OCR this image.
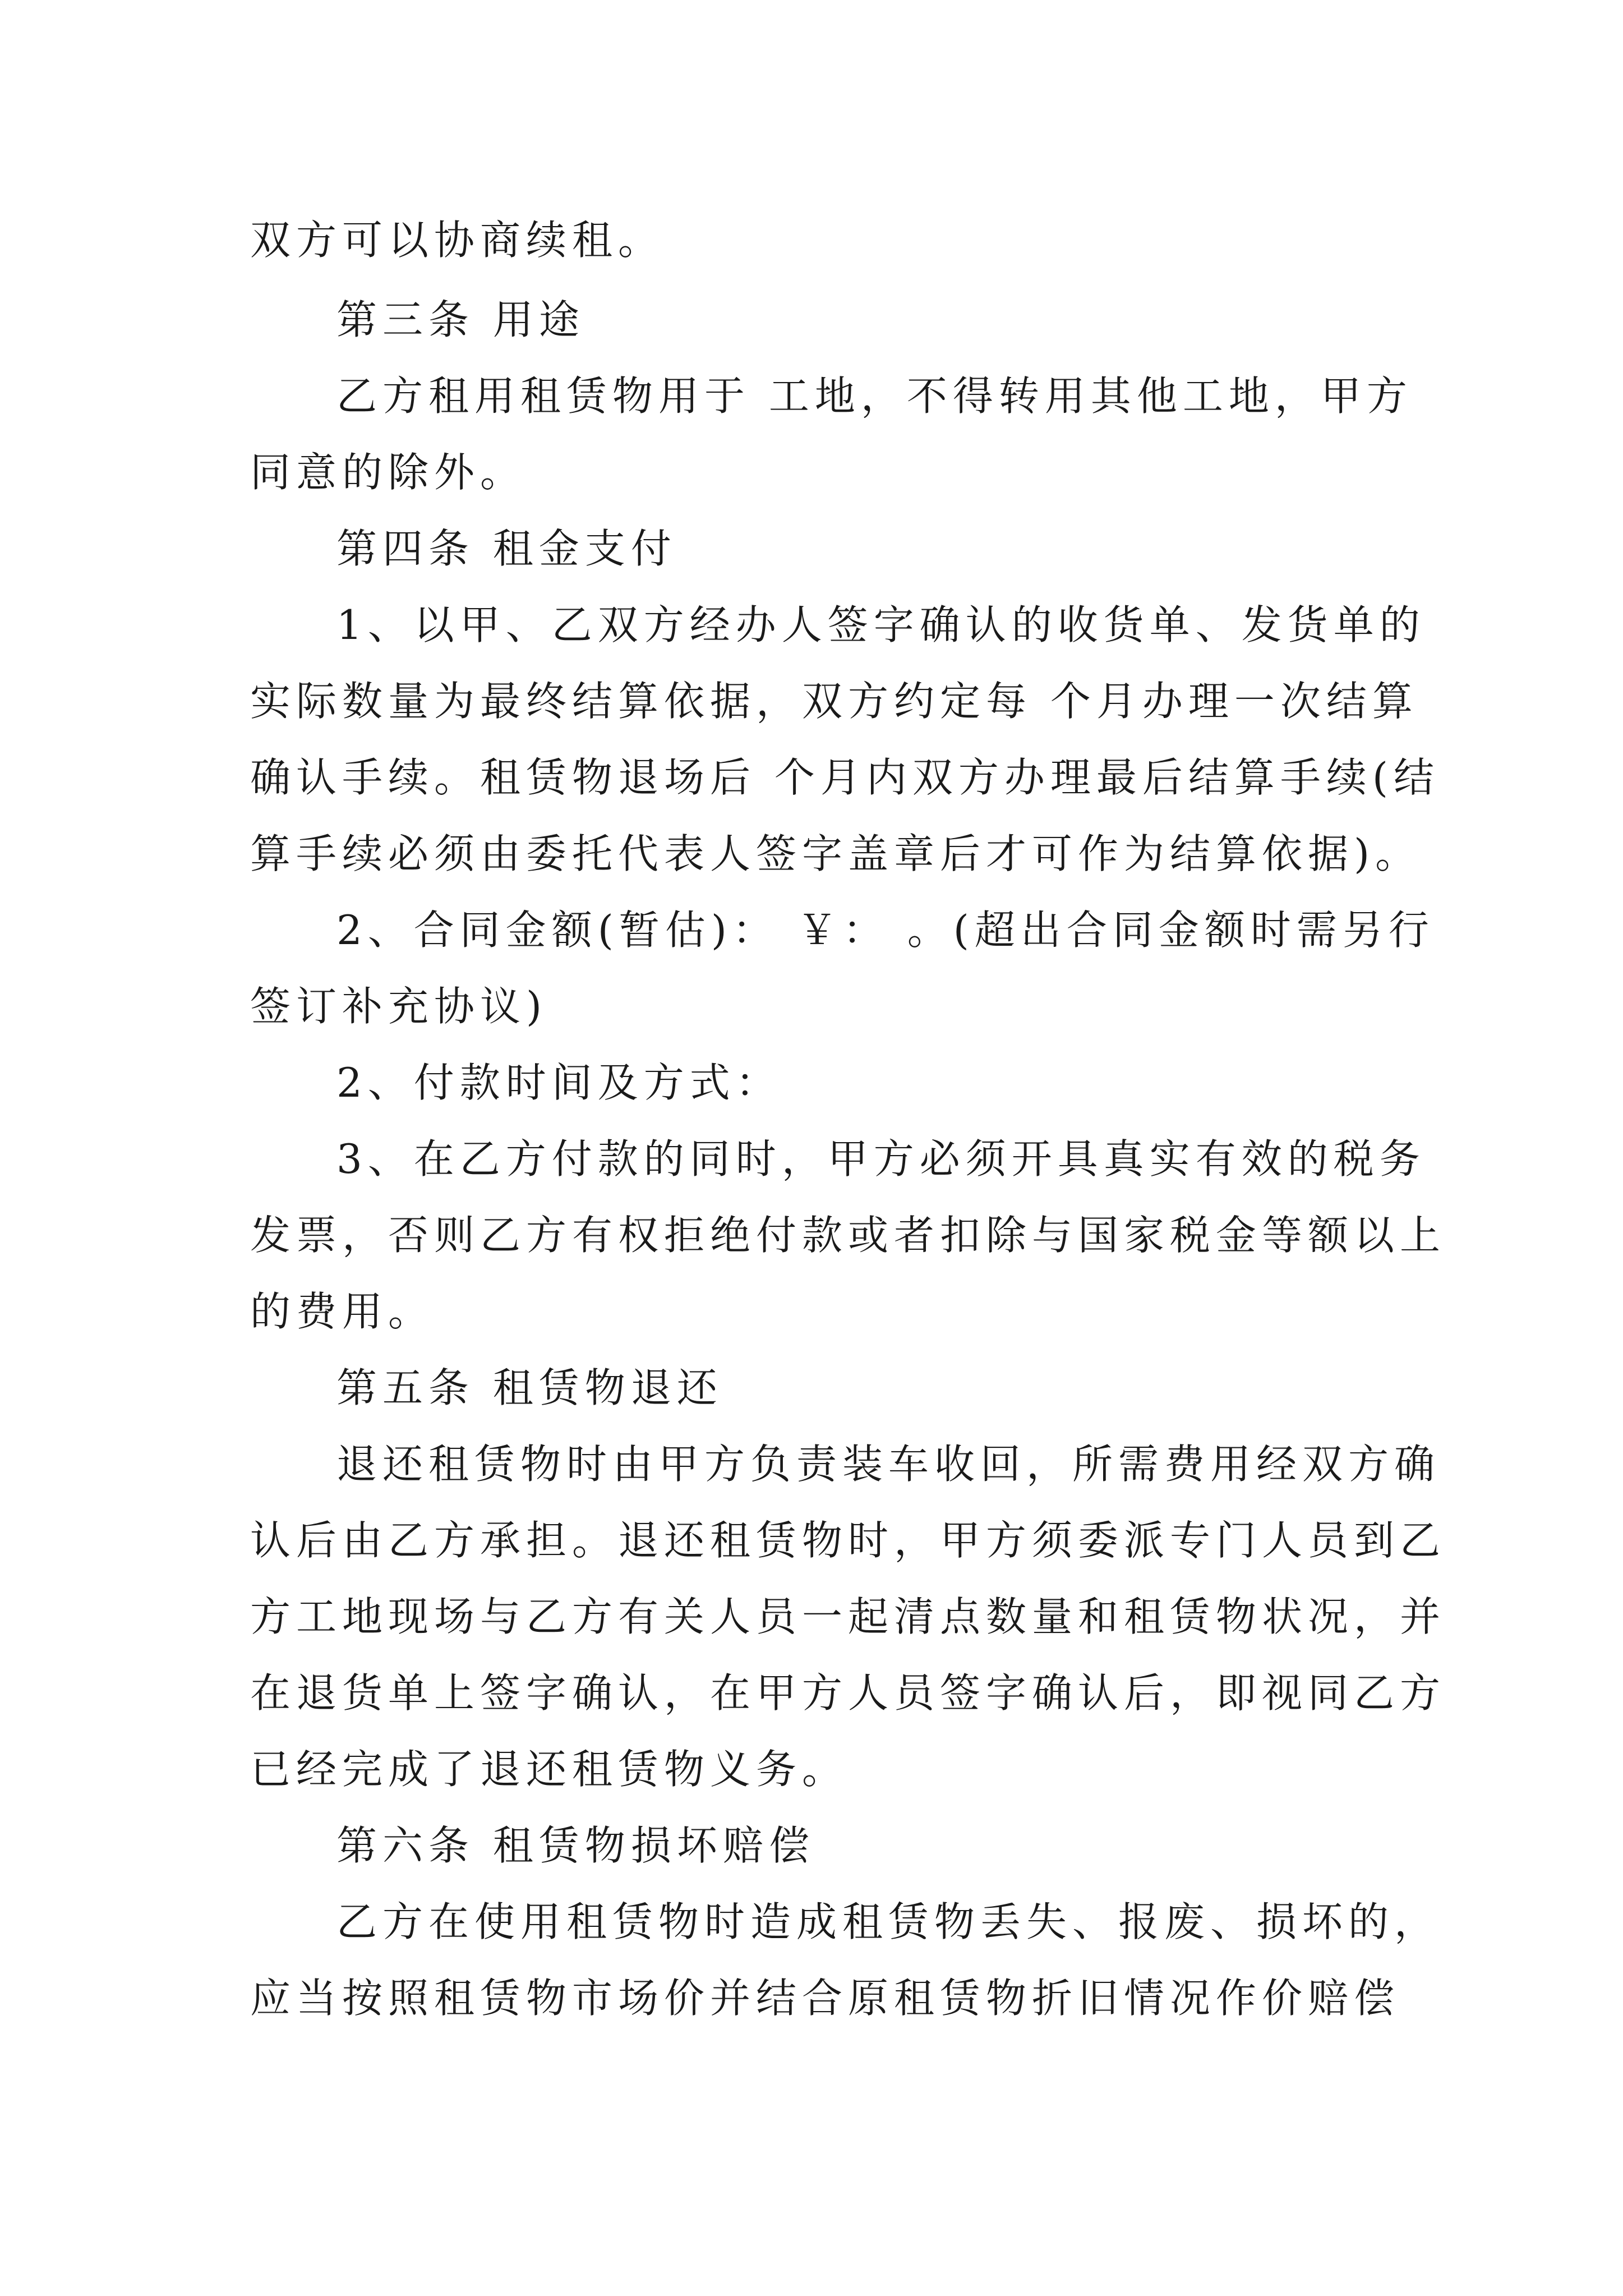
双方可以协商续租。
第三条 用途
乙方租用租赁物用于 工地，不得转用其他工地，甲方
同意的除外。
第四条 租金支付
1、以甲、乙双方经办人签字确认的收货单、发货单的
实际数量为最终结算依据，双方约定每 个月办理一次结算
确认手续。租赁物退场后 个月内双方办理最后结算手续(结
算手续必须由委托代表人签字盖章后才可作为结算依据)。
2、合同金额(暂估)： ￥： 。(超出合同金额时需另行
签订补充协议)
2、付款时间及方式：
3、在乙方付款的同时，甲方必须开具真实有效的税务
发票，否则乙方有权拒绝付款或者扣除与国家税金等额以上
的费用。
第五条 租赁物退还
退还租赁物时由甲方负责装车收回，所需费用经双方确
认后由乙方承担。退还租赁物时，甲方须委派专门人员到乙
方工地现场与乙方有关人员一起清点数量和租赁物状况，并
在退货单上签字确认，在甲方人员签字确认后，即视同乙方
已经完成了退还租赁物义务。
第六条 租赁物损坏赔偿
乙方在使用租赁物时造成租赁物丢失、报废、损坏的，
应当按照租赁物市场价并结合原租赁物折旧情况作价赔偿
